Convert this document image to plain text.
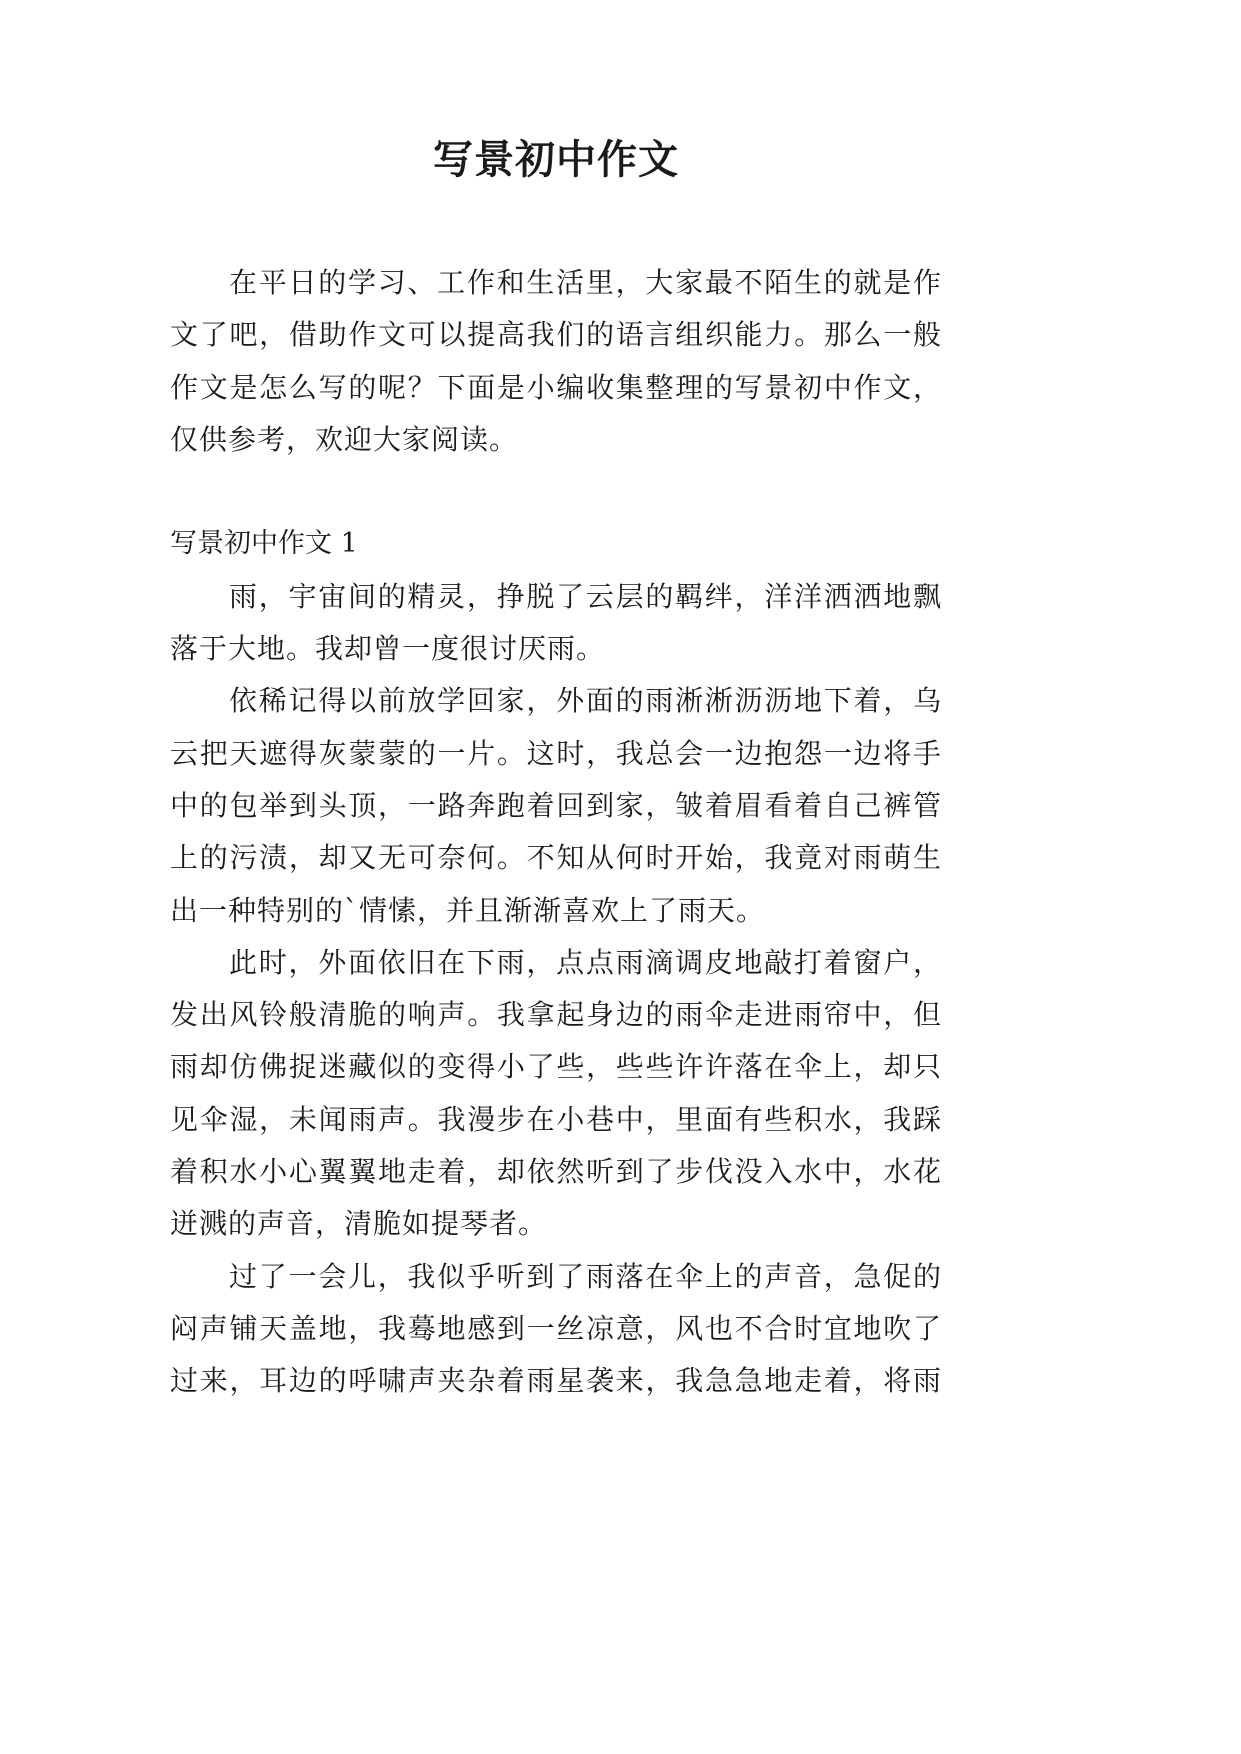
写景初中作文
在平日的学习、工作和生活里，大家最不陌生的就是作
文了吧，借助作文可以提高我们的语言组织能力。那么一般
作文是怎么写的呢？下面是小编收集整理的写景初中作文，
仅供参考，欢迎大家阅读。
写景初中作文 1
雨，宇宙间的精灵，挣脱了云层的羁绊，洋洋洒洒地飘
落于大地。我却曾一度很讨厌雨。
依稀记得以前放学回家，外面的雨淅淅沥沥地下着，乌
云把天遮得灰蒙蒙的一片。这时，我总会一边抱怨一边将手
中的包举到头顶，一路奔跑着回到家，皱着眉看着自己裤管
上的污渍，却又无可奈何。不知从何时开始，我竟对雨萌生
出一种特别的`情愫，并且渐渐喜欢上了雨天。
此时，外面依旧在下雨，点点雨滴调皮地敲打着窗户，
发出风铃般清脆的响声。我拿起身边的雨伞走进雨帘中，但
雨却仿佛捉迷藏似的变得小了些，些些许许落在伞上，却只
见伞湿，未闻雨声。我漫步在小巷中，里面有些积水，我踩
着积水小心翼翼地走着，却依然听到了步伐没入水中，水花
迸溅的声音，清脆如提琴者。
过了一会儿，我似乎听到了雨落在伞上的声音，急促的
闷声铺天盖地，我蓦地感到一丝凉意，风也不合时宜地吹了
过来，耳边的呼啸声夹杂着雨星袭来，我急急地走着，将雨
